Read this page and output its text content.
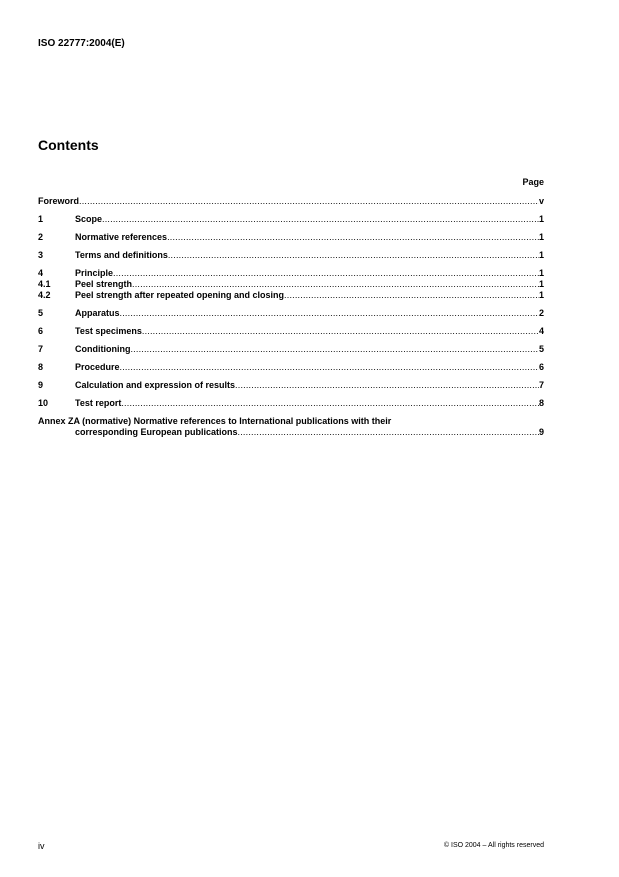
ISO 22777:2004(E)
Contents
Page
Foreword .....	v
1	Scope .....	1
2	Normative references .....	1
3	Terms and definitions .....	1
4	Principle .....	1
4.1	Peel strength .....	1
4.2	Peel strength after repeated opening and closing .....	1
5	Apparatus .....	2
6	Test specimens .....	4
7	Conditioning .....	5
8	Procedure .....	6
9	Calculation and expression of results .....	7
10	Test report .....	8
Annex ZA (normative) Normative references to International publications with their
corresponding European publications .....	9
iv	© ISO 2004 – All rights reserved
